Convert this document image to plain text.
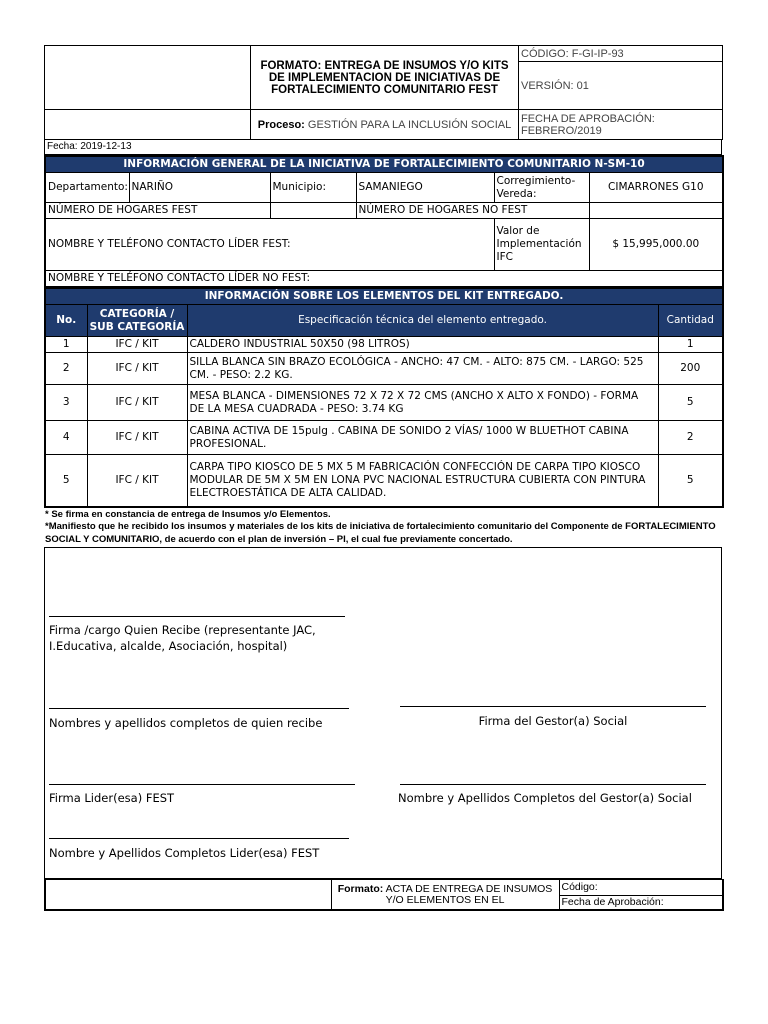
	FORMATO: ENTREGA DE INSUMOS Y/O KITS DE IMPLEMENTACION DE INICIATIVAS DE FORTALECIMIENTO COMUNITARIO FEST	CÓDIGO: F-GI-IP-93
		VERSIÓN: 01
	Proceso: GESTIÓN PARA LA INCLUSIÓN SOCIAL	FECHA DE APROBACIÓN: FEBRERO/2019
Fecha: 2019-12-13
INFORMACIÓN GENERAL DE LA INICIATIVA DE FORTALECIMIENTO COMUNITARIO N-SM-10					
Departamento:	NARIÑO	Municipio:	SAMANIEGO	Corregimiento-Vereda:	CIMARRONES G10
NÚMERO DE HOGARES FEST			NÚMERO DE HOGARES NO FEST		
NOMBRE Y TELÉFONO CONTACTO LÍDER FEST:				Valor de Implementación IFC	$ 15,995,000.00
NOMBRE Y TELÉFONO CONTACTO LÍDER NO FEST:					
INFORMACIÓN SOBRE LOS ELEMENTOS DEL KIT ENTREGADO.			
No.	CATEGORÍA / SUB CATEGORÍA	Especificación técnica del elemento entregado.	Cantidad
1	IFC / KIT	CALDERO INDUSTRIAL 50X50 (98 LITROS)	1
2	IFC / KIT	SILLA BLANCA SIN BRAZO ECOLÓGICA - ANCHO: 47 CM. - ALTO: 875 CM. - LARGO: 525 CM. - PESO: 2.2 KG.	200
3	IFC / KIT	MESA BLANCA - DIMENSIONES 72 X 72 X 72 CMS (ANCHO X ALTO X FONDO) - FORMA DE LA MESA CUADRADA - PESO: 3.74 KG	5
4	IFC / KIT	CABINA ACTIVA DE 15pulg . CABINA DE SONIDO 2 VÍAS/ 1000 W BLUETHOT CABINA PROFESIONAL.	2
5	IFC / KIT	CARPA TIPO KIOSCO DE 5 MX 5 M FABRICACIÓN CONFECCIÓN DE CARPA TIPO KIOSCO MODULAR DE 5M X 5M EN LONA PVC NACIONAL ESTRUCTURA CUBIERTA CON PINTURA ELECTROESTÁTICA DE ALTA CALIDAD.	5
* Se firma en constancia de entrega de Insumos y/o Elementos.
*Manifiesto que he recibido los insumos y materiales de los kits de iniciativa de fortalecimiento comunitario del Componente de FORTALECIMIENTO SOCIAL Y COMUNITARIO, de acuerdo con el plan de inversión – PI, el cual fue previamente concertado.
Firma /cargo Quien Recibe (representante JAC, I.Educativa, alcalde, Asociación, hospital)
Nombres y apellidos completos de quien recibe	Firma del Gestor(a) Social
Firma Lider(esa) FEST	Nombre y Apellidos Completos del Gestor(a) Social
Nombre y Apellidos Completos Lider(esa) FEST
	Formato: ACTA DE ENTREGA DE INSUMOS Y/O ELEMENTOS EN EL	Código:
Fecha de Aprobación:
